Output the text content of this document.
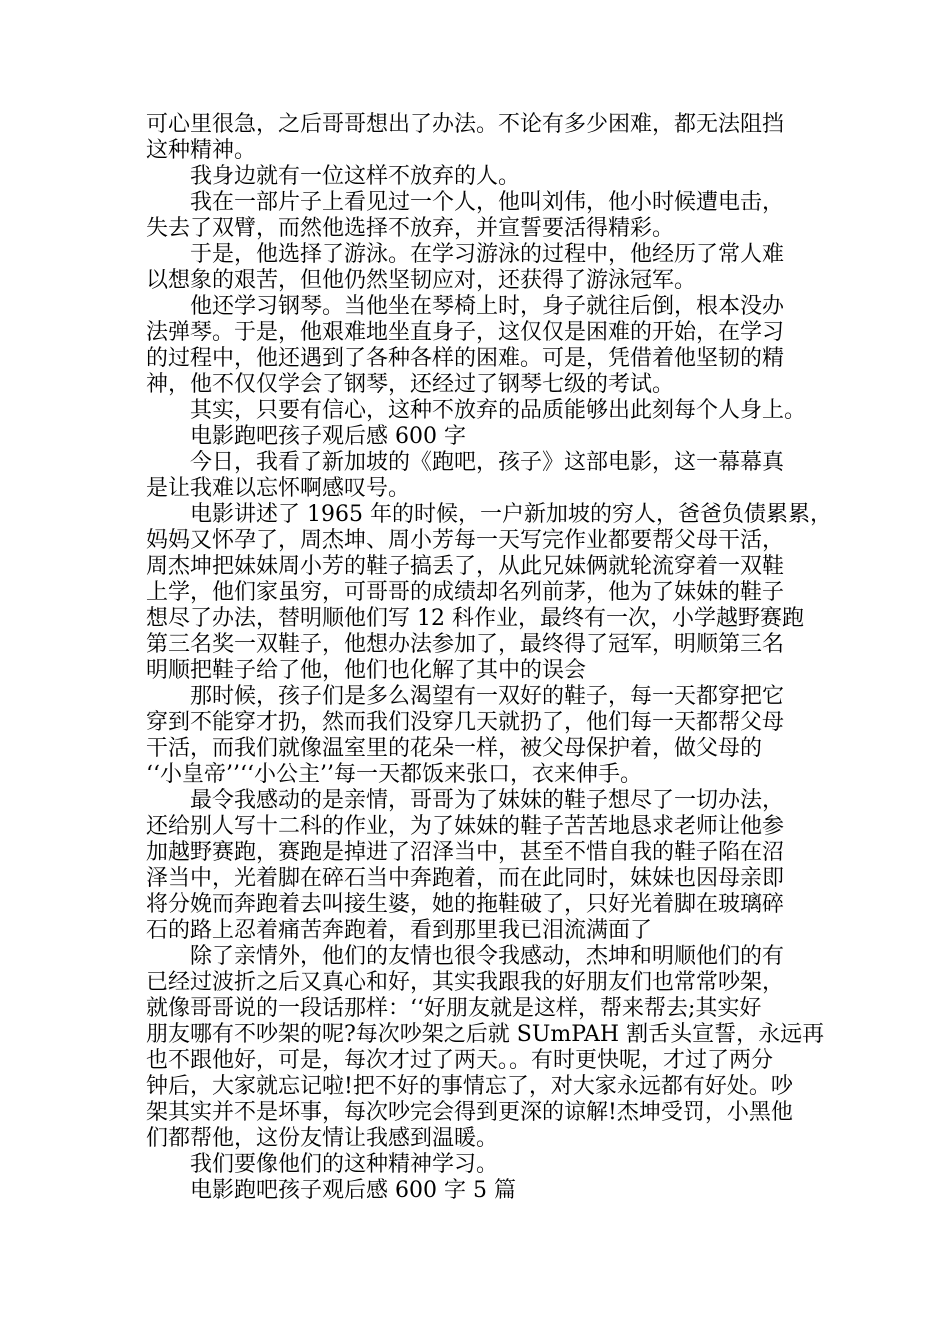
可心里很急，之后哥哥想出了办法。不论有多少困难，都无法阻挡
这种精神。
我身边就有一位这样不放弃的人。
我在一部片子上看见过一个人，他叫刘伟，他小时候遭电击，
失去了双臂，而然他选择不放弃，并宣誓要活得精彩。
于是，他选择了游泳。在学习游泳的过程中，他经历了常人难
以想象的艰苦，但他仍然坚韧应对，还获得了游泳冠军。
他还学习钢琴。当他坐在琴椅上时，身子就往后倒，根本没办
法弹琴。于是，他艰难地坐直身子，这仅仅是困难的开始，在学习
的过程中，他还遇到了各种各样的困难。可是，凭借着他坚韧的精
神，他不仅仅学会了钢琴，还经过了钢琴七级的考试。
其实，只要有信心，这种不放弃的品质能够出此刻每个人身上。
电影跑吧孩子观后感 600 字
今日，我看了新加坡的《跑吧，孩子》这部电影，这一幕幕真
是让我难以忘怀啊感叹号。
电影讲述了 1965 年的时候，一户新加坡的穷人，爸爸负债累累，
妈妈又怀孕了，周杰坤、周小芳每一天写完作业都要帮父母干活，
周杰坤把妹妹周小芳的鞋子搞丢了，从此兄妹俩就轮流穿着一双鞋
上学，他们家虽穷，可哥哥的成绩却名列前茅，他为了妹妹的鞋子
想尽了办法，替明顺他们写 12 科作业，最终有一次，小学越野赛跑
第三名奖一双鞋子，他想办法参加了，最终得了冠军，明顺第三名
明顺把鞋子给了他，他们也化解了其中的误会
那时候，孩子们是多么渴望有一双好的鞋子，每一天都穿把它
穿到不能穿才扔，然而我们没穿几天就扔了，他们每一天都帮父母
干活，而我们就像温室里的花朵一样，被父母保护着，做父母的
‘‘小皇帝’’‘‘小公主’’每一天都饭来张口，衣来伸手。
最令我感动的是亲情，哥哥为了妹妹的鞋子想尽了一切办法，
还给别人写十二科的作业，为了妹妹的鞋子苦苦地恳求老师让他参
加越野赛跑，赛跑是掉进了沼泽当中，甚至不惜自我的鞋子陷在沼
泽当中，光着脚在碎石当中奔跑着，而在此同时，妹妹也因母亲即
将分娩而奔跑着去叫接生婆，她的拖鞋破了，只好光着脚在玻璃碎
石的路上忍着痛苦奔跑着，看到那里我已泪流满面了
除了亲情外，他们的友情也很令我感动，杰坤和明顺他们的有
已经过波折之后又真心和好，其实我跟我的好朋友们也常常吵架，
就像哥哥说的一段话那样：‘‘好朋友就是这样，帮来帮去;其实好
朋友哪有不吵架的呢?每次吵架之后就 SUmPAH 割舌头宣誓，永远再
也不跟他好，可是，每次才过了两天。。有时更快呢，才过了两分
钟后，大家就忘记啦!把不好的事情忘了，对大家永远都有好处。吵
架其实并不是坏事，每次吵完会得到更深的谅解!杰坤受罚，小黑他
们都帮他，这份友情让我感到温暖。
我们要像他们的这种精神学习。
电影跑吧孩子观后感 600 字 5 篇
